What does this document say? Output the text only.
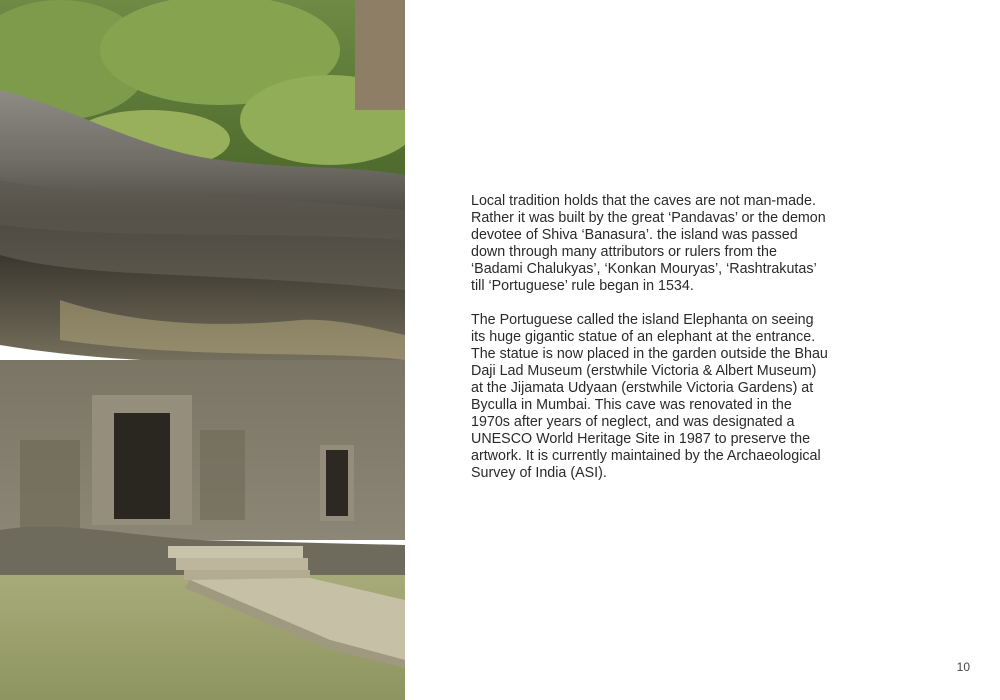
Local tradition holds that the caves are not man-made. Rather it was built by the great ‘Pandavas’ or the demon devotee of Shiva ‘Banasura’. the island was passed down through many attributors or rulers from the ‘Badami Chalukyas’, ‘Konkan Mouryas’, ‘Rashtrakutas’ till ‘Portuguese’ rule began in 1534.

The Portuguese called the island Elephanta on seeing its huge gigantic statue of an elephant at the entrance. The statue is now placed in the garden outside the Bhau Daji Lad Museum (erstwhile Victoria & Albert Museum) at the Jijamata Udyaan (erstwhile Victoria Gardens) at Byculla in Mumbai. This cave was renovated in the 1970s after years of neglect, and was designated a UNESCO World Heritage Site in 1987 to preserve the artwork. It is currently maintained by the Archaeological Survey of India (ASI).

10
